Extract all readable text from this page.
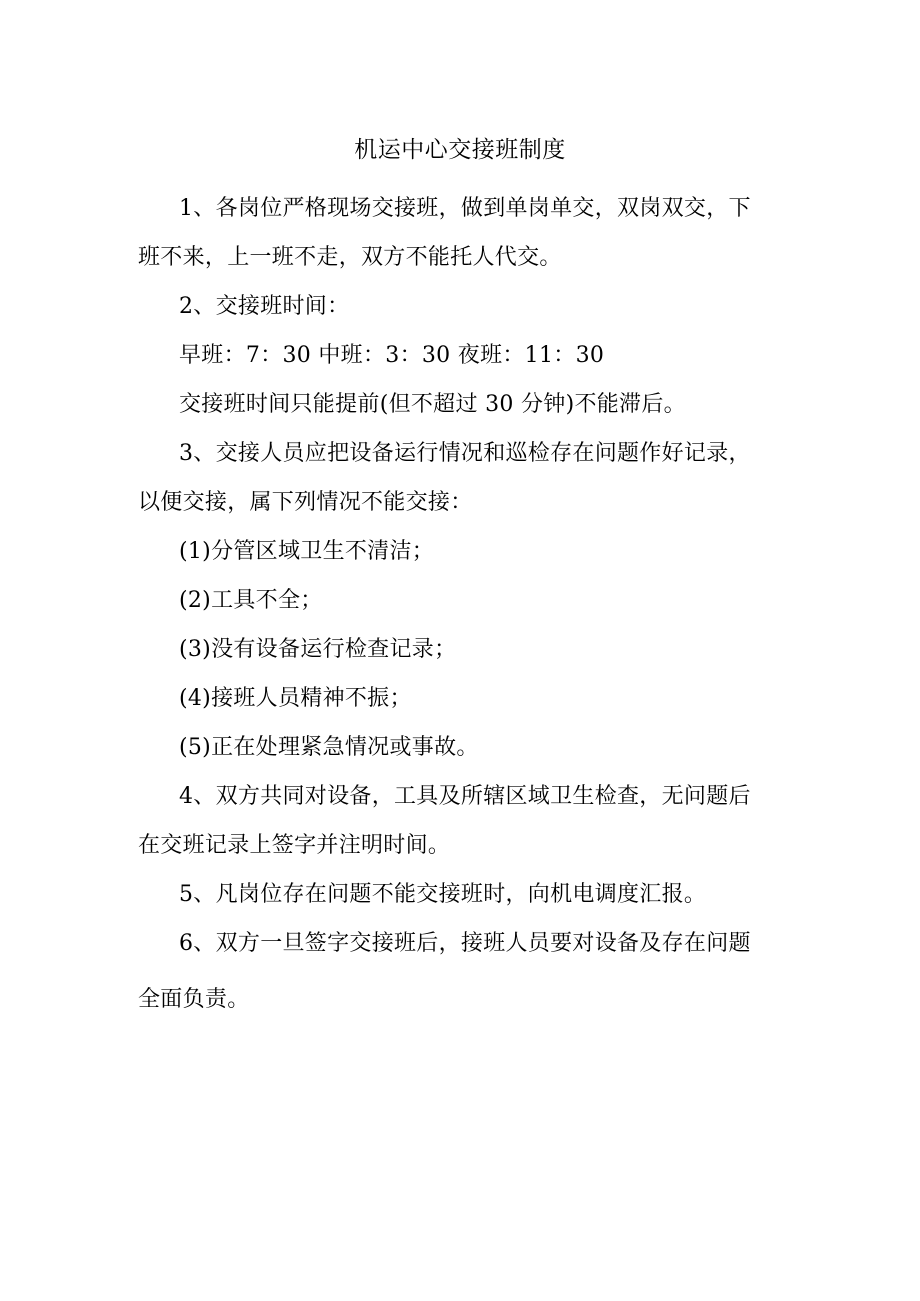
机运中心交接班制度
1、各岗位严格现场交接班，做到单岗单交，双岗双交，下
班不来，上一班不走，双方不能托人代交。
2、交接班时间：
早班：7：30 中班：3：30 夜班：11：30
交接班时间只能提前(但不超过 30 分钟)不能滞后。
3、交接人员应把设备运行情况和巡检存在问题作好记录，
以便交接，属下列情况不能交接：
(1)分管区域卫生不清洁；
(2)工具不全；
(3)没有设备运行检查记录；
(4)接班人员精神不振；
(5)正在处理紧急情况或事故。
4、双方共同对设备，工具及所辖区域卫生检查，无问题后
在交班记录上签字并注明时间。
5、凡岗位存在问题不能交接班时，向机电调度汇报。
6、双方一旦签字交接班后，接班人员要对设备及存在问题
全面负责。
